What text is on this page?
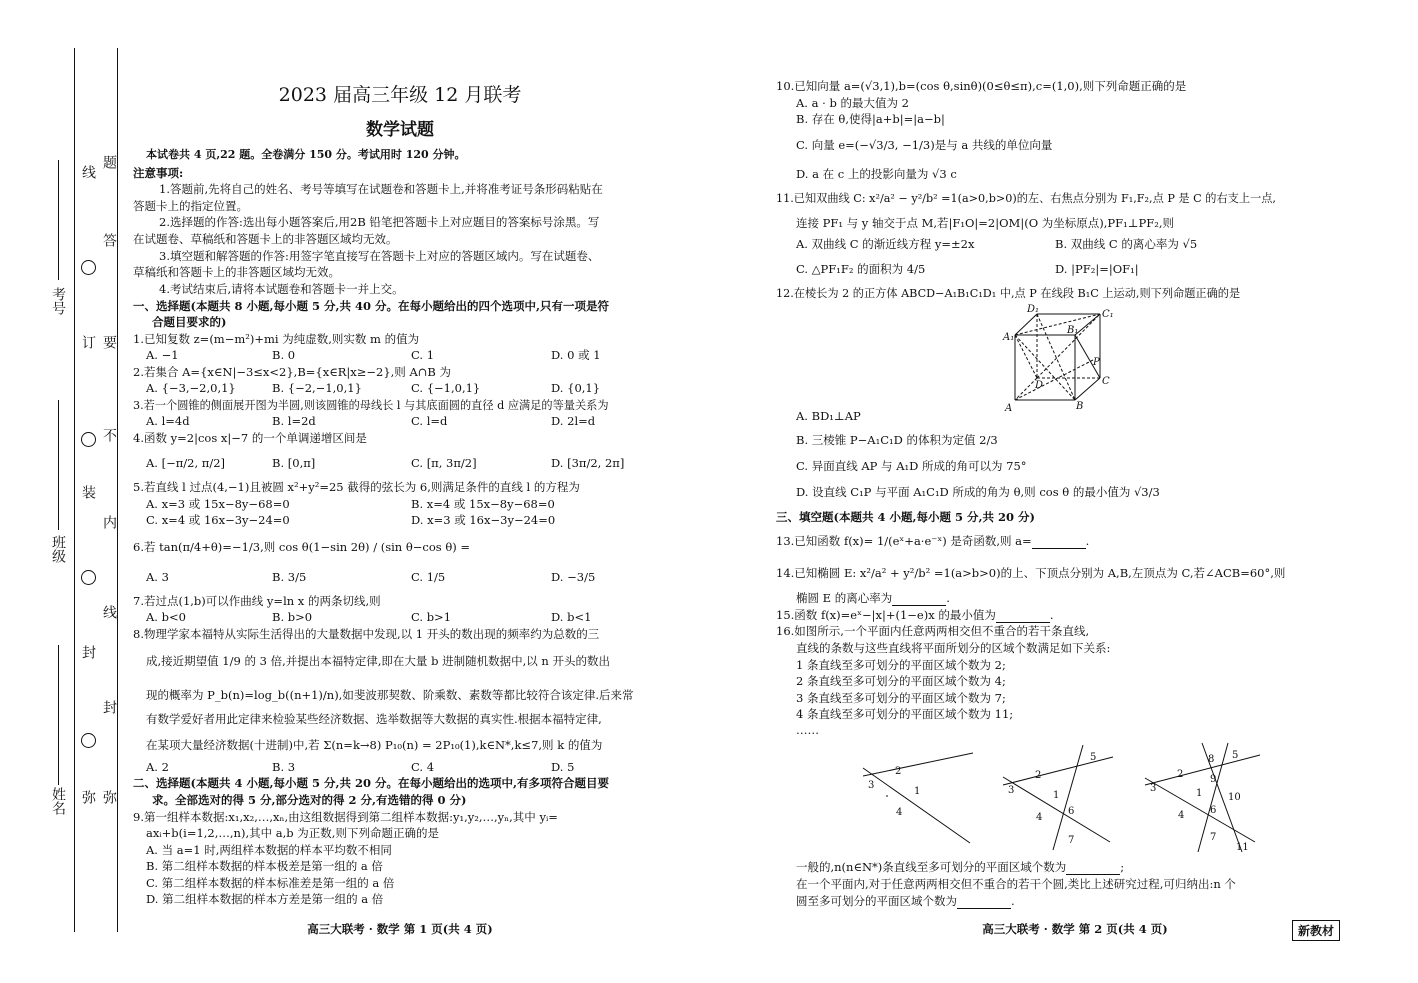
考号
班级
姓名
线
订
装
封
弥
题
答
要
不
内
线
封
弥
2023 届高三年级 12 月联考
数学试题
本试卷共 4 页,22 题。全卷满分 150 分。考试用时 120 分钟。
注意事项:
1.答题前,先将自己的姓名、考号等填写在试题卷和答题卡上,并将准考证号条形码粘贴在
答题卡上的指定位置。
2.选择题的作答:选出每小题答案后,用2B 铅笔把答题卡上对应题目的答案标号涂黑。写
在试题卷、草稿纸和答题卡上的非答题区域均无效。
3.填空题和解答题的作答:用签字笔直接写在答题卡上对应的答题区域内。写在试题卷、
草稿纸和答题卡上的非答题区域均无效。
4.考试结束后,请将本试题卷和答题卡一并上交。
一、选择题(本题共 8 小题,每小题 5 分,共 40 分。在每小题给出的四个选项中,只有一项是符
合题目要求的)
1.已知复数 z=(m−m²)+mi 为纯虚数,则实数 m 的值为
A. −1	B. 0	C. 1	D. 0 或 1
2.若集合 A={x∈N|−3≤x<2},B={x∈R|x≥−2},则 A∩B 为
A. {−3,−2,0,1}	B. {−2,−1,0,1}	C. {−1,0,1}	D. {0,1}
3.若一个圆锥的侧面展开图为半圆,则该圆锥的母线长 l 与其底面圆的直径 d 应满足的等量关系为
A. l=4d	B. l=2d	C. l=d	D. 2l=d
4.函数 y=2|cos x|−7 的一个单调递增区间是
A. [−π/2, π/2]	B. [0,π]	C. [π, 3π/2]	D. [3π/2, 2π]
5.若直线 l 过点(4,−1)且被圆 x²+y²=25 截得的弦长为 6,则满足条件的直线 l 的方程为
A. x=3 或 15x−8y−68=0	B. x=4 或 15x−8y−68=0
C. x=4 或 16x−3y−24=0	D. x=3 或 16x−3y−24=0
6.若 tan(π/4+θ)=−1/3,则 cos θ(1−sin 2θ) / (sin θ−cos θ) =
A. 3	B. 3/5	C. 1/5	D. −3/5
7.若过点(1,b)可以作曲线 y=ln x 的两条切线,则
A. b<0	B. b>0	C. b>1	D. b<1
8.物理学家本福特从实际生活得出的大量数据中发现,以 1 开头的数出现的频率约为总数的三
成,接近期望值 1/9 的 3 倍,并提出本福特定律,即在大量 b 进制随机数据中,以 n 开头的数出
现的概率为 P_b(n)=log_b((n+1)/n),如斐波那契数、阶乘数、素数等都比较符合该定律.后来常
有数学爱好者用此定律来检验某些经济数据、选举数据等大数据的真实性.根据本福特定律,
在某项大量经济数据(十进制)中,若 Σ(n=k→8) P₁₀(n) = 2P₁₀(1),k∈N*,k≤7,则 k 的值为
A. 2	B. 3	C. 4	D. 5
二、选择题(本题共 4 小题,每小题 5 分,共 20 分。在每小题给出的选项中,有多项符合题目要
求。全部选对的得 5 分,部分选对的得 2 分,有选错的得 0 分)
9.第一组样本数据:x₁,x₂,…,xₙ,由这组数据得到第二组样本数据:y₁,y₂,…,yₙ,其中 yᵢ=
axᵢ+b(i=1,2,…,n),其中 a,b 为正数,则下列命题正确的是
A. 当 a=1 时,两组样本数据的样本平均数不相同
B. 第二组样本数据的样本极差是第一组的 a 倍
C. 第二组样本数据的样本标准差是第一组的 a 倍
D. 第二组样本数据的样本方差是第一组的 a 倍
高三大联考 · 数学 第 1 页(共 4 页)
10.已知向量 a=(√3,1),b=(cos θ,sinθ)(0≤θ≤π),c=(1,0),则下列命题正确的是
A. a · b 的最大值为 2
B. 存在 θ,使得|a+b|=|a−b|
C. 向量 e=(−√3/3, −1/3)是与 a 共线的单位向量
D. a 在 c 上的投影向量为 √3 c
11.已知双曲线 C: x²/a² − y²/b² =1(a>0,b>0)的左、右焦点分别为 F₁,F₂,点 P 是 C 的右支上一点,
连接 PF₁ 与 y 轴交于点 M,若|F₁O|=2|OM|(O 为坐标原点),PF₁⊥PF₂,则
A. 双曲线 C 的渐近线方程 y=±2x	B. 双曲线 C 的离心率为 √5
C. △PF₁F₂ 的面积为 4/5	D. |PF₂|=|OF₁|
12.在棱长为 2 的正方体 ABCD−A₁B₁C₁D₁ 中,点 P 在线段 B₁C 上运动,则下列命题正确的是
D₁	C₁
A₁
B₁
D	C
A	B
P
A. BD₁⊥AP
B. 三棱锥 P−A₁C₁D 的体积为定值 2/3
C. 异面直线 AP 与 A₁D 所成的角可以为 75°
D. 设直线 C₁P 与平面 A₁C₁D 所成的角为 θ,则 cos θ 的最小值为 √3/3
三、填空题(本题共 4 小题,每小题 5 分,共 20 分)
13.已知函数 f(x)= 1/(eˣ+a·e⁻ˣ) 是奇函数,则 a=	.
14.已知椭圆 E: x²/a² + y²/b² =1(a>b>0)的上、下顶点分别为 A,B,左顶点为 C,若∠ACB=60°,则
椭圆 E 的离心率为	.
15.函数 f(x)=eˣ−|x|+(1−e)x 的最小值为	.
16.如图所示,一个平面内任意两两相交但不重合的若干条直线,
直线的条数与这些直线将平面所划分的区域个数满足如下关系:
1 条直线至多可划分的平面区域个数为 2;
2 条直线至多可划分的平面区域个数为 4;
3 条直线至多可划分的平面区域个数为 7;
4 条直线至多可划分的平面区域个数为 11;
……
3
2
1
4
5
3
2
1
4
6
7
8 5
3
2	9
1	10
4	6
7
11
一般的,n(n∈N*)条直线至多可划分的平面区域个数为	;
在一个平面内,对于任意两两相交但不重合的若干个圆,类比上述研究过程,可归纳出:n 个
圆至多可划分的平面区域个数为	.
高三大联考 · 数学 第 2 页(共 4 页)	新教材
